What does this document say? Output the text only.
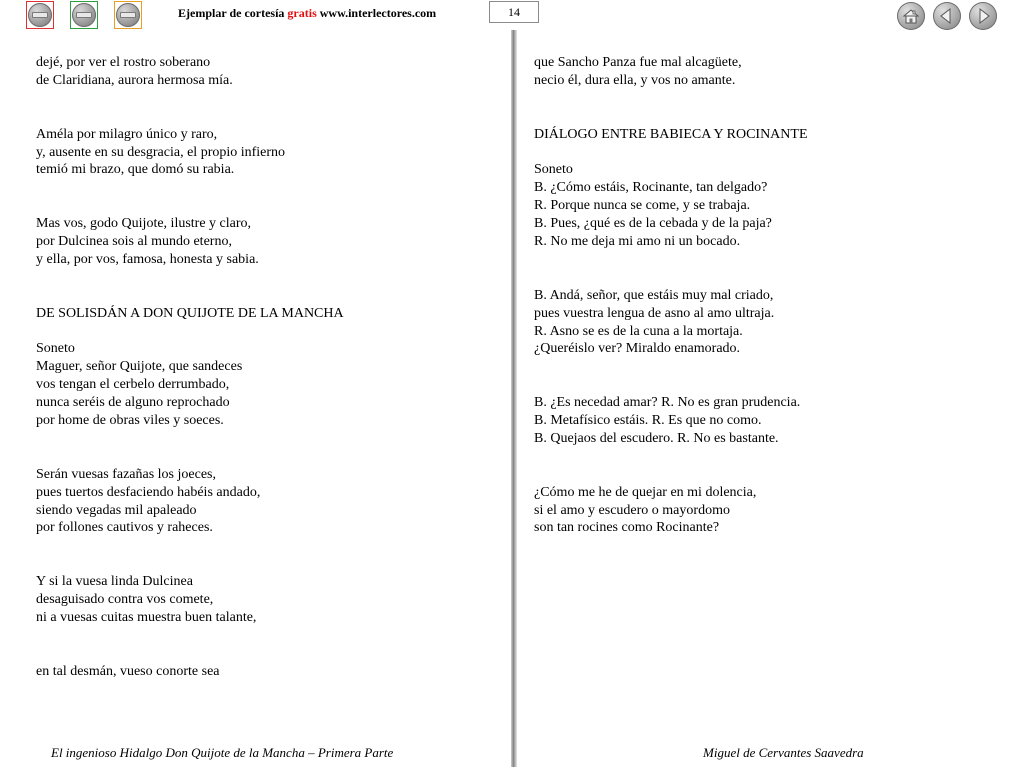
Ejemplar de cortesía gratis www.interlectores.com	14
dejé, por ver el rostro soberano
de Claridiana, aurora hermosa mía.
Améla por milagro único y raro,
y, ausente en su desgracia, el propio infierno
temió mi brazo, que domó su rabia.
Mas vos, godo Quijote, ilustre y claro,
por Dulcinea sois al mundo eterno,
y ella, por vos, famosa, honesta y sabia.
DE SOLISDÁN A DON QUIJOTE DE LA MANCHA
Soneto
Maguer, señor Quijote, que sandeces
vos tengan el cerbelo derrumbado,
nunca seréis de alguno reprochado
por home de obras viles y soeces.
Serán vuesas fazañas los joeces,
pues tuertos desfaciendo habéis andado,
siendo vegadas mil apaleado
por follones cautivos y raheces.
Y si la vuesa linda Dulcinea
desaguisado contra vos comete,
ni a vuesas cuitas muestra buen talante,
en tal desmán, vueso conorte sea
que Sancho Panza fue mal alcagüete,
necio él, dura ella, y vos no amante.
DIÁLOGO ENTRE BABIECA Y ROCINANTE
Soneto
B. ¿Cómo estáis, Rocinante, tan delgado?
R. Porque nunca se come, y se trabaja.
B. Pues, ¿qué es de la cebada y de la paja?
R. No me deja mi amo ni un bocado.
B. Andá, señor, que estáis muy mal criado,
pues vuestra lengua de asno al amo ultraja.
R. Asno se es de la cuna a la mortaja.
¿Queréislo ver? Miraldo enamorado.
B. ¿Es necedad amar? R. No es gran prudencia.
B. Metafísico estáis. R. Es que no como.
B. Quejaos del escudero. R. No es bastante.
¿Cómo me he de quejar en mi dolencia,
si el amo y escudero o mayordomo
son tan rocines como Rocinante?
El ingenioso Hidalgo Don Quijote de la Mancha – Primera Parte	Miguel de Cervantes Saavedra
